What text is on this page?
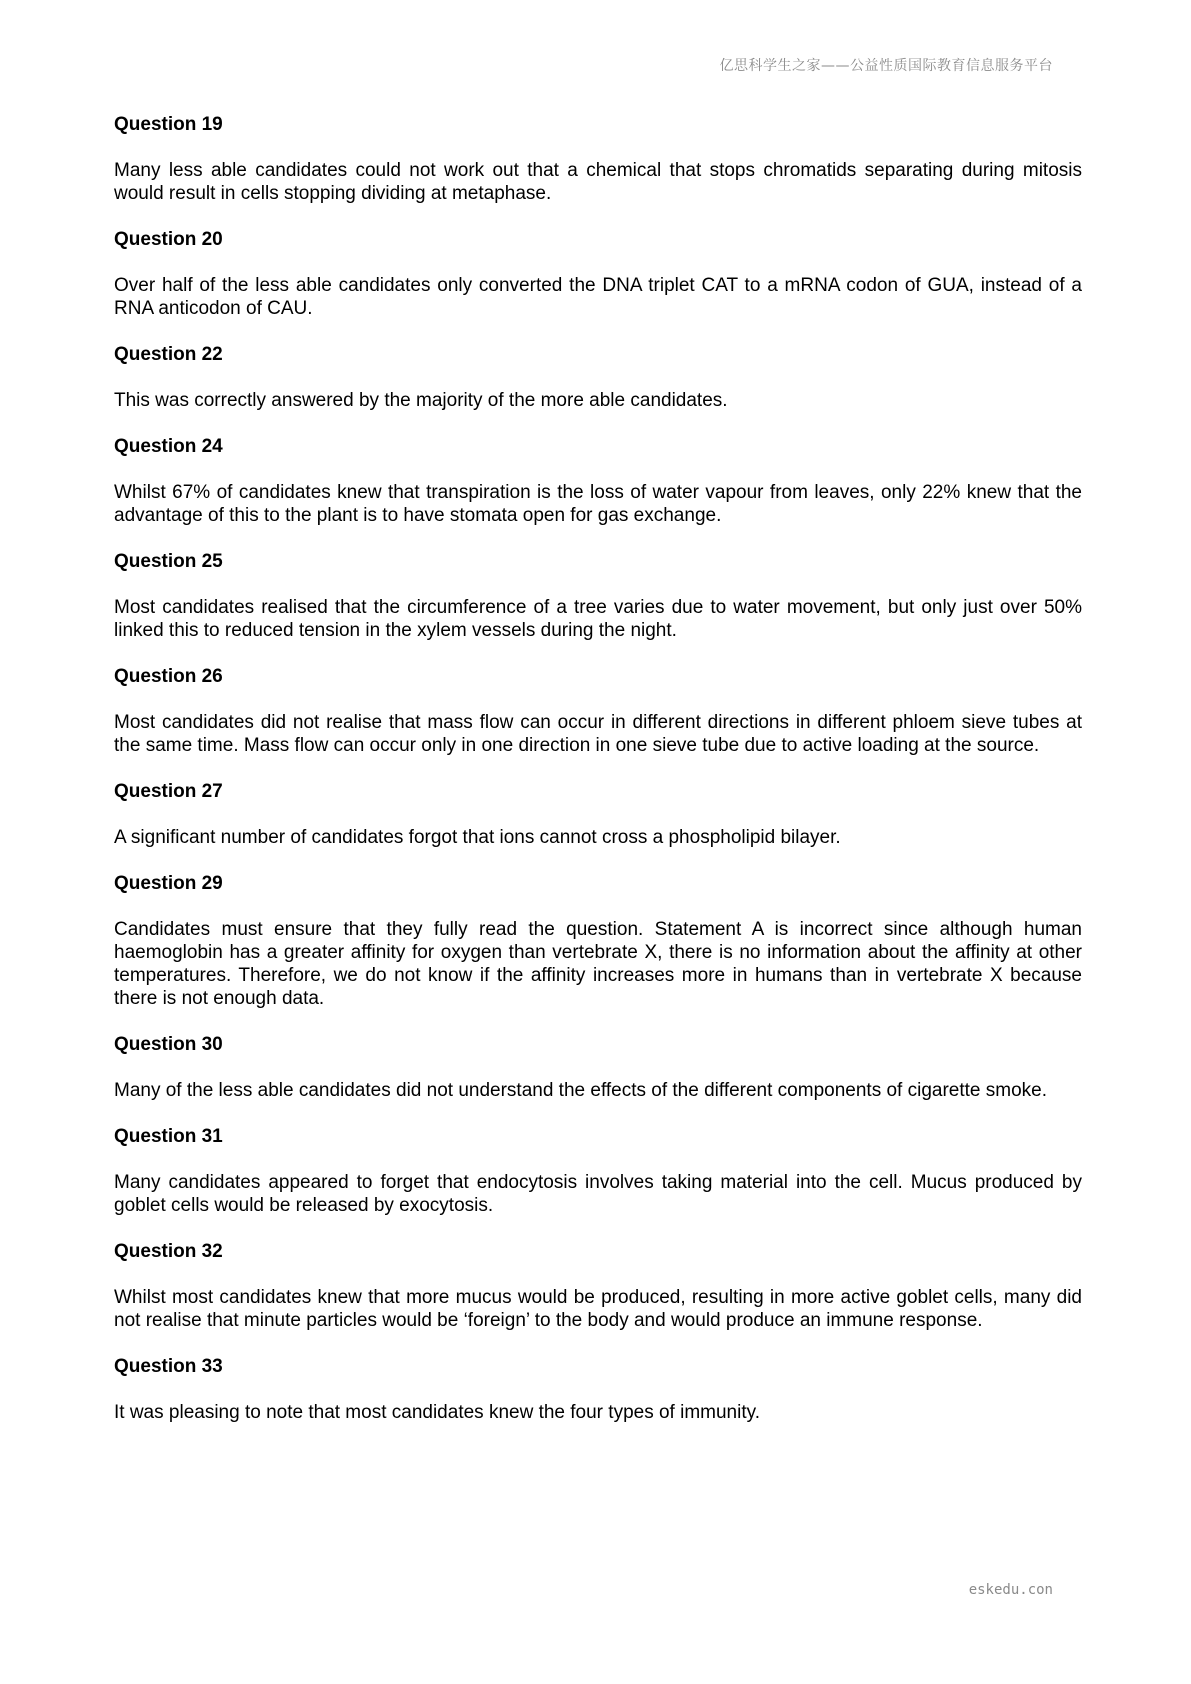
亿思科学生之家——公益性质国际教育信息服务平台
Question 19
Many less able candidates could not work out that a chemical that stops chromatids separating during mitosis would result in cells stopping dividing at metaphase.
Question 20
Over half of the less able candidates only converted the DNA triplet CAT to a mRNA codon of GUA, instead of a RNA anticodon of CAU.
Question 22
This was correctly answered by the majority of the more able candidates.
Question 24
Whilst 67% of candidates knew that transpiration is the loss of water vapour from leaves, only 22% knew that the advantage of this to the plant is to have stomata open for gas exchange.
Question 25
Most candidates realised that the circumference of a tree varies due to water movement, but only just over 50% linked this to reduced tension in the xylem vessels during the night.
Question 26
Most candidates did not realise that mass flow can occur in different directions in different phloem sieve tubes at the same time. Mass flow can occur only in one direction in one sieve tube due to active loading at the source.
Question 27
A significant number of candidates forgot that ions cannot cross a phospholipid bilayer.
Question 29
Candidates must ensure that they fully read the question. Statement A is incorrect since although human haemoglobin has a greater affinity for oxygen than vertebrate X, there is no information about the affinity at other temperatures. Therefore, we do not know if the affinity increases more in humans than in vertebrate X because there is not enough data.
Question 30
Many of the less able candidates did not understand the effects of the different components of cigarette smoke.
Question 31
Many candidates appeared to forget that endocytosis involves taking material into the cell. Mucus produced by goblet cells would be released by exocytosis.
Question 32
Whilst most candidates knew that more mucus would be produced, resulting in more active goblet cells, many did not realise that minute particles would be ‘foreign’ to the body and would produce an immune response.
Question 33
It was pleasing to note that most candidates knew the four types of immunity.
eskedu.con
